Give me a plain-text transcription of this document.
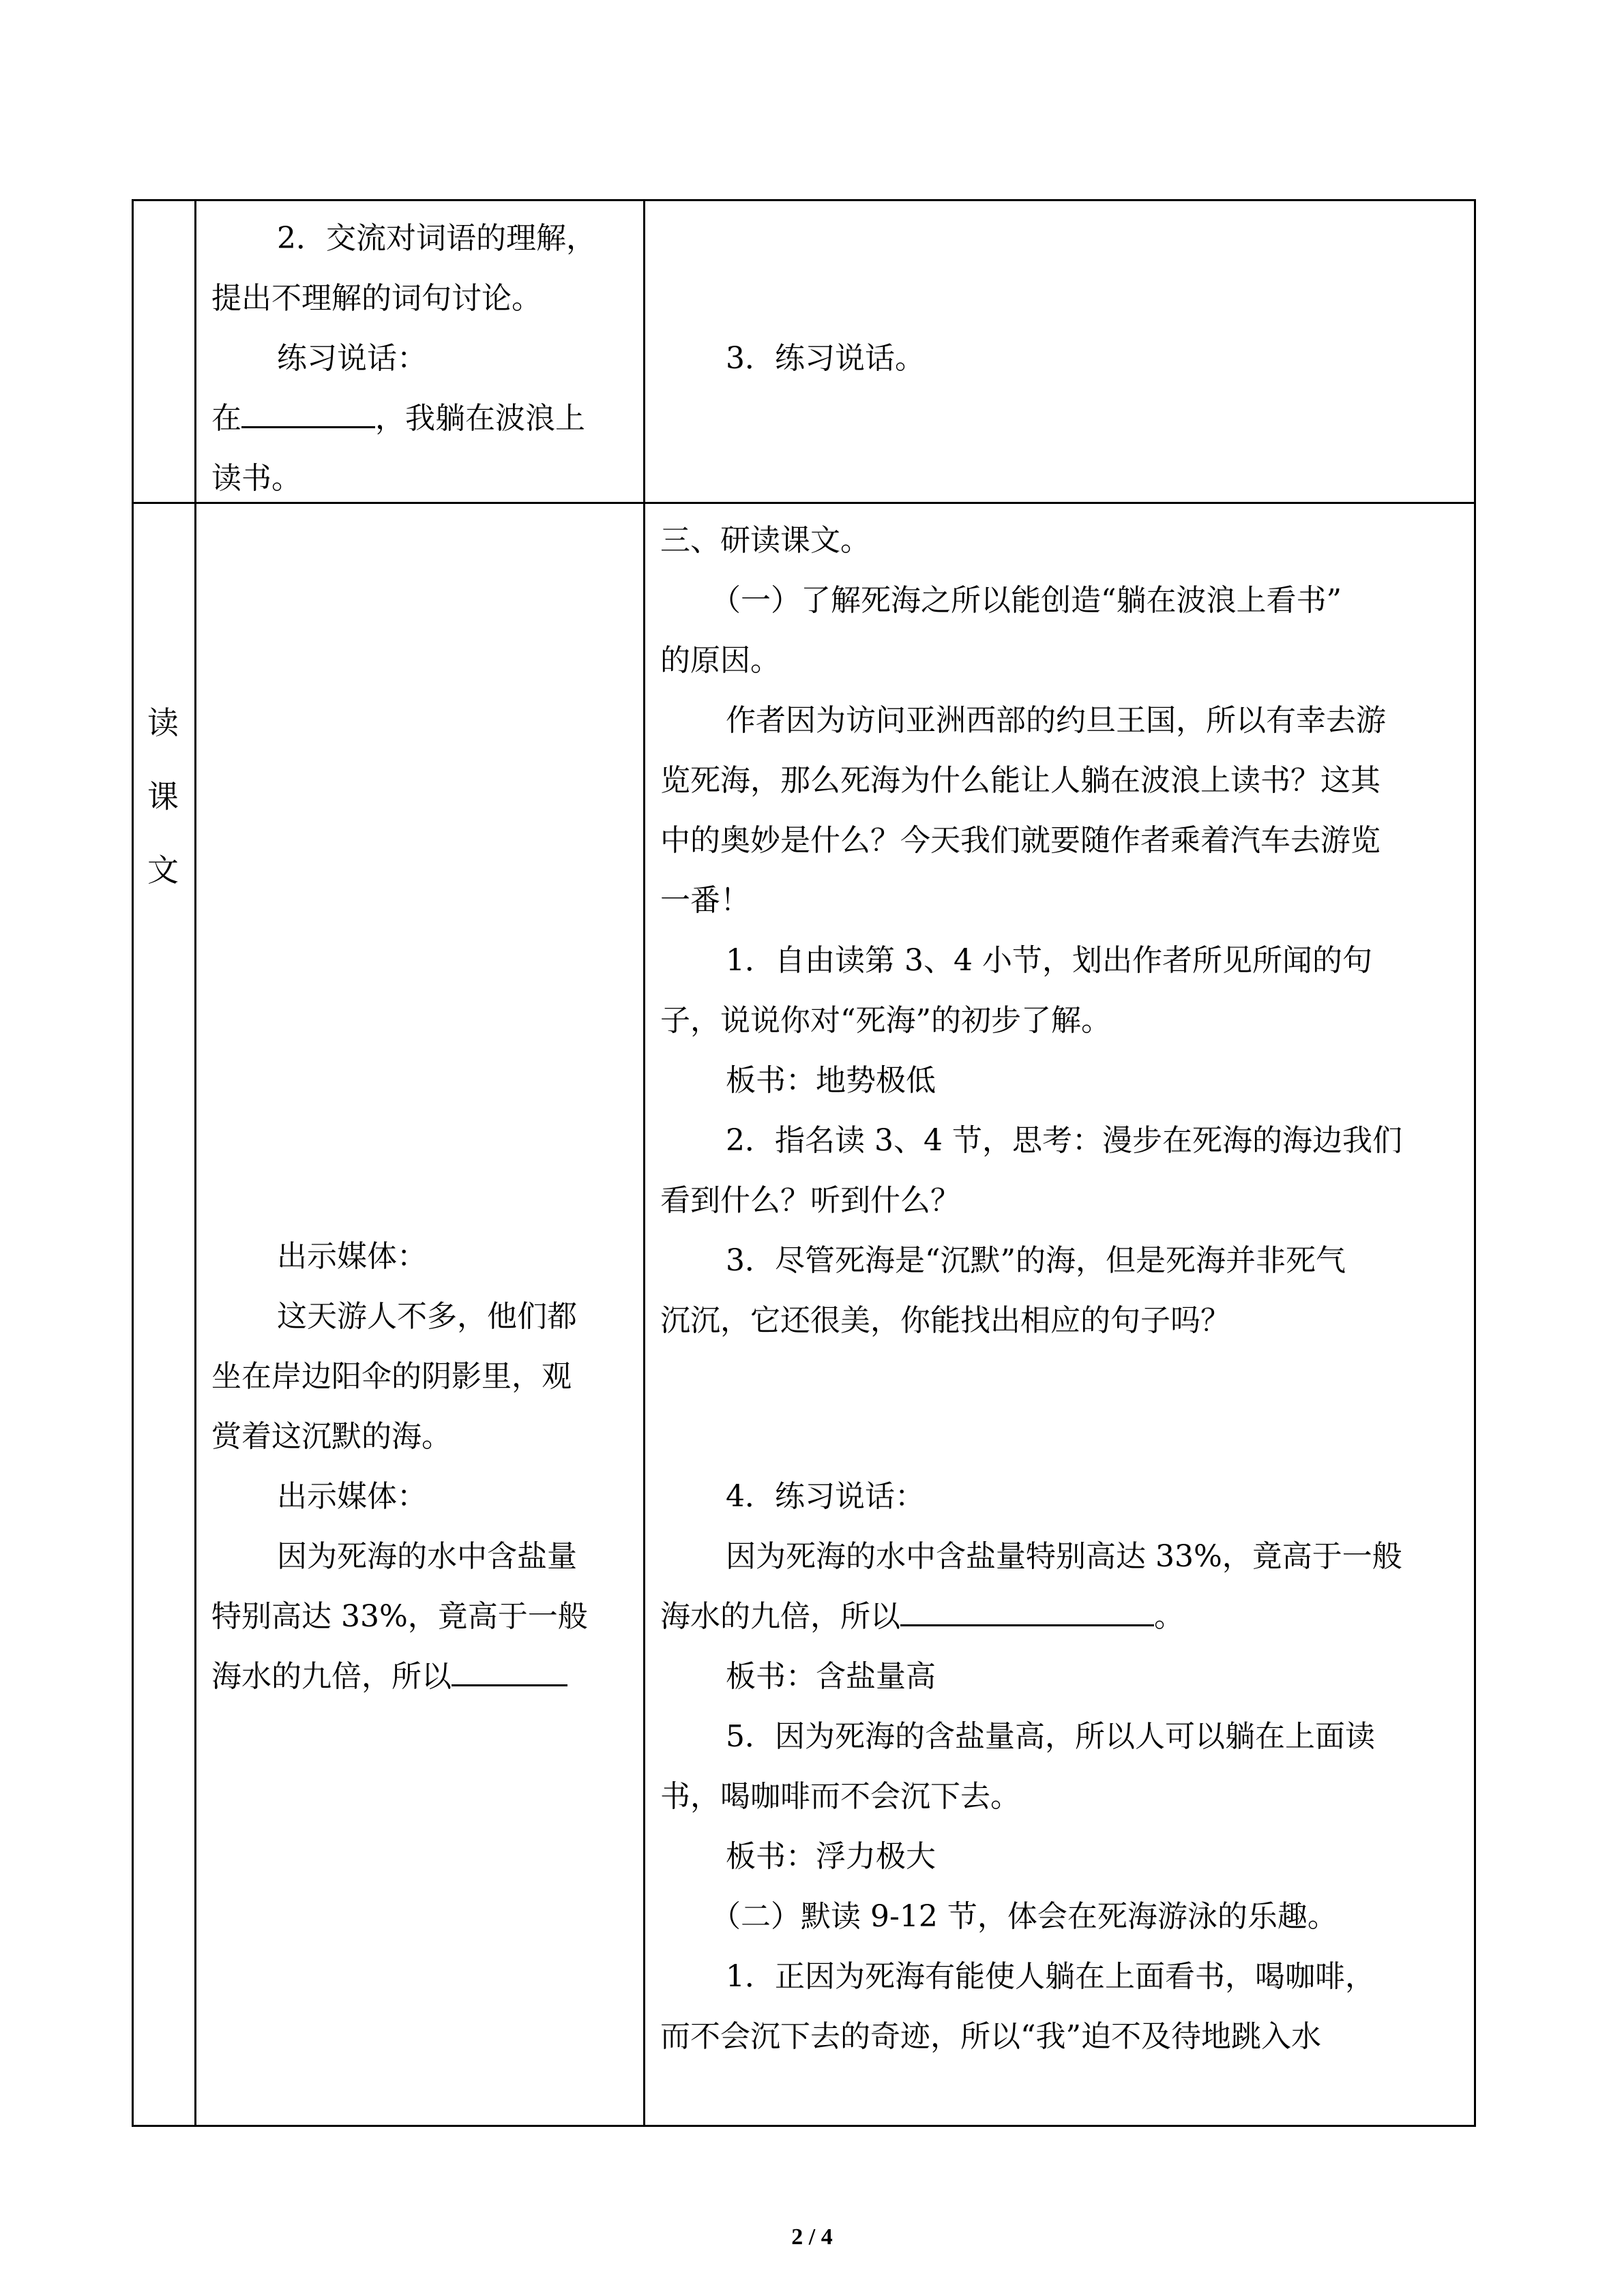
2．交流对词语的理解，

提出不理解的词句讨论。

练习说话：

在	，我躺在波浪上

读书。

3．练习说话。

读
课
文

出示媒体：

这天游人不多，他们都

坐在岸边阳伞的阴影里，观

赏着这沉默的海。

出示媒体：

因为死海的水中含盐量

特别高达 33%，竟高于一般

海水的九倍，所以

三、研读课文。

（一）了解死海之所以能创造“躺在波浪上看书”

的原因。

作者因为访问亚洲西部的约旦王国，所以有幸去游

览死海，那么死海为什么能让人躺在波浪上读书？这其

中的奥妙是什么？今天我们就要随作者乘着汽车去游览

一番！

1．自由读第 3、4 小节，划出作者所见所闻的句

子，说说你对“死海”的初步了解。

板书：地势极低

2．指名读 3、4 节，思考：漫步在死海的海边我们

看到什么？听到什么？

3．尽管死海是“沉默”的海，但是死海并非死气

沉沉，它还很美，你能找出相应的句子吗？

4．练习说话：

因为死海的水中含盐量特别高达 33%，竟高于一般

海水的九倍，所以	。

板书：含盐量高

5．因为死海的含盐量高，所以人可以躺在上面读

书，喝咖啡而不会沉下去。

板书：浮力极大

（二）默读 9-12 节，体会在死海游泳的乐趣。

1．正因为死海有能使人躺在上面看书，喝咖啡，

而不会沉下去的奇迹，所以“我”迫不及待地跳入水

2 / 4
